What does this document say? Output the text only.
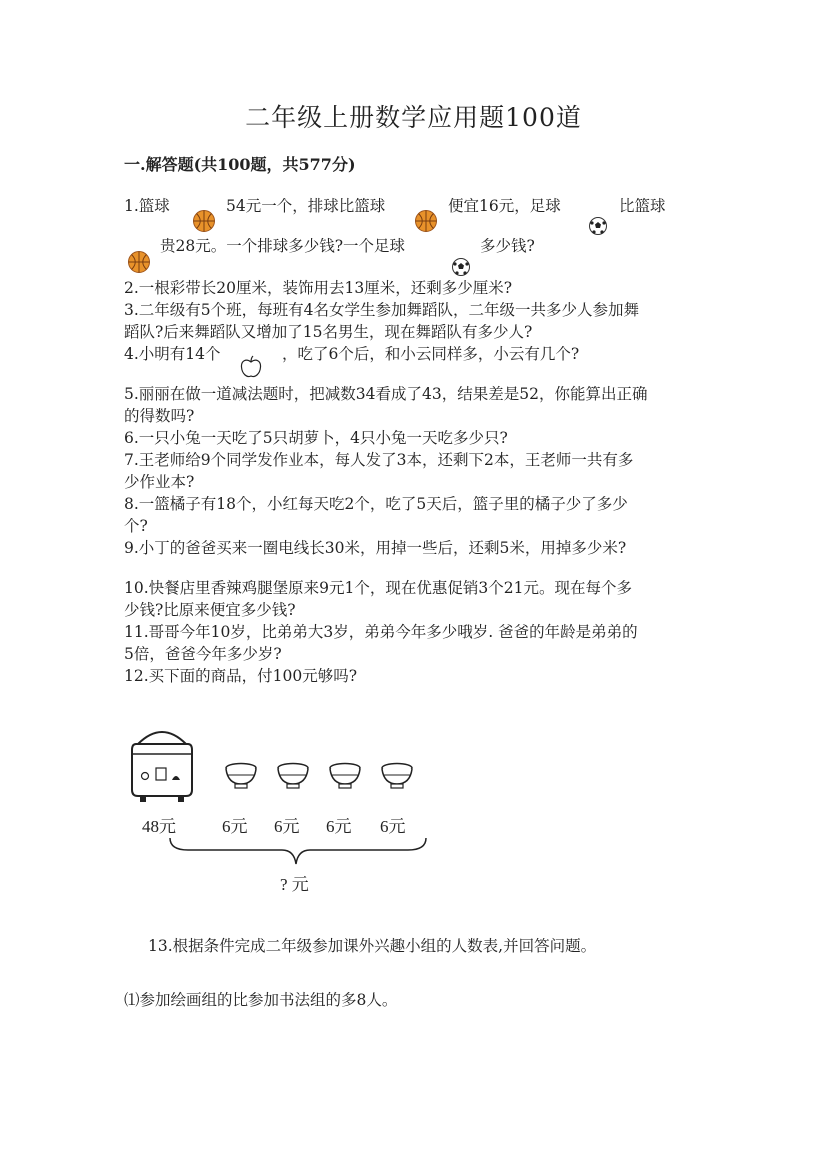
二年级上册数学应用题100道
一.解答题(共100题，共577分)
1.篮球	54元一个，排球比篮球	便宜16元，足球	比篮球
贵28元。一个排球多少钱?一个足球	多少钱?
2.一根彩带长20厘米，装饰用去13厘米，还剩多少厘米?
3.二年级有5个班，每班有4名女学生参加舞蹈队，二年级一共多少人参加舞
蹈队?后来舞蹈队又增加了15名男生，现在舞蹈队有多少人?
4.小明有14个	，吃了6个后，和小云同样多，小云有几个?
5.丽丽在做一道减法题时，把减数34看成了43，结果差是52，你能算出正确
的得数吗?
6.一只小兔一天吃了5只胡萝卜，4只小兔一天吃多少只?
7.王老师给9个同学发作业本，每人发了3本，还剩下2本，王老师一共有多
少作业本?
8.一篮橘子有18个，小红每天吃2个，吃了5天后，篮子里的橘子少了多少
个?
9.小丁的爸爸买来一圈电线长30米，用掉一些后，还剩5米，用掉多少米?
10.快餐店里香辣鸡腿堡原来9元1个，现在优惠促销3个21元。现在每个多
少钱?比原来便宜多少钱?
11.哥哥今年10岁，比弟弟大3岁，弟弟今年多少哦岁. 爸爸的年龄是弟弟的
5倍，爸爸今年多少岁?
12.买下面的商品，付100元够吗?
48元	6元 6元 6元 6元
? 元
13.根据条件完成二年级参加课外兴趣小组的人数表,并回答问题。
⑴参加绘画组的比参加书法组的多8人。
